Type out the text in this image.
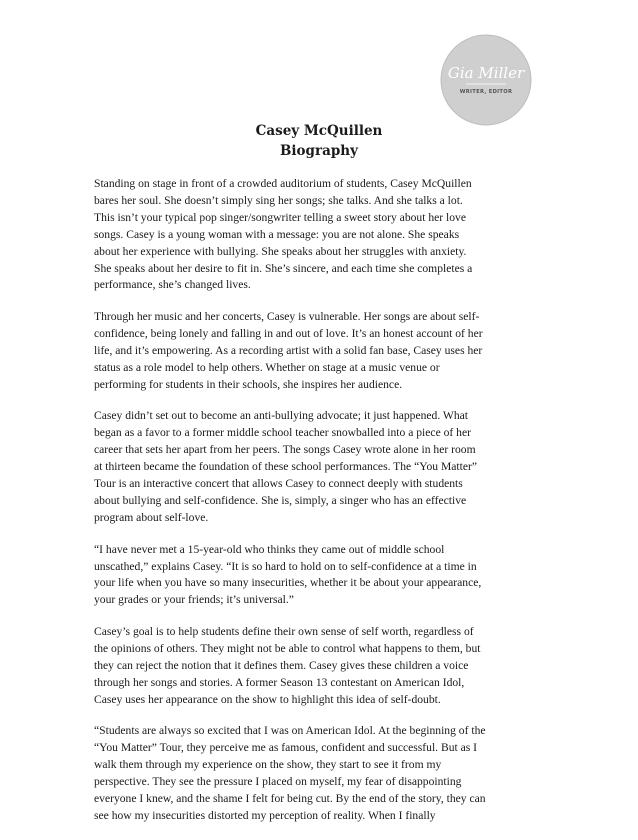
Gia Miller
WRITER, EDITOR
Casey McQuillen
Biography

Standing on stage in front of a crowded auditorium of students, Casey McQuillen
bares her soul. She doesn’t simply sing her songs; she talks. And she talks a lot.
This isn’t your typical pop singer/songwriter telling a sweet story about her love
songs. Casey is a young woman with a message: you are not alone. She speaks
about her experience with bullying. She speaks about her struggles with anxiety.
She speaks about her desire to fit in. She’s sincere, and each time she completes a
performance, she’s changed lives.

Through her music and her concerts, Casey is vulnerable. Her songs are about self-
confidence, being lonely and falling in and out of love. It’s an honest account of her
life, and it’s empowering. As a recording artist with a solid fan base, Casey uses her
status as a role model to help others. Whether on stage at a music venue or
performing for students in their schools, she inspires her audience.

Casey didn’t set out to become an anti-bullying advocate; it just happened. What
began as a favor to a former middle school teacher snowballed into a piece of her
career that sets her apart from her peers. The songs Casey wrote alone in her room
at thirteen became the foundation of these school performances. The “You Matter”
Tour is an interactive concert that allows Casey to connect deeply with students
about bullying and self-confidence. She is, simply, a singer who has an effective
program about self-love.

“I have never met a 15-year-old who thinks they came out of middle school
unscathed,” explains Casey. “It is so hard to hold on to self-confidence at a time in
your life when you have so many insecurities, whether it be about your appearance,
your grades or your friends; it’s universal.”

Casey’s goal is to help students define their own sense of self worth, regardless of
the opinions of others. They might not be able to control what happens to them, but
they can reject the notion that it defines them. Casey gives these children a voice
through her songs and stories. A former Season 13 contestant on American Idol,
Casey uses her appearance on the show to highlight this idea of self-doubt.

“Students are always so excited that I was on American Idol. At the beginning of the
“You Matter” Tour, they perceive me as famous, confident and successful. But as I
walk them through my experience on the show, they start to see it from my
perspective. They see the pressure I placed on myself, my fear of disappointing
everyone I knew, and the shame I felt for being cut. By the end of the story, they can
see how my insecurities distorted my perception of reality. When I finally
